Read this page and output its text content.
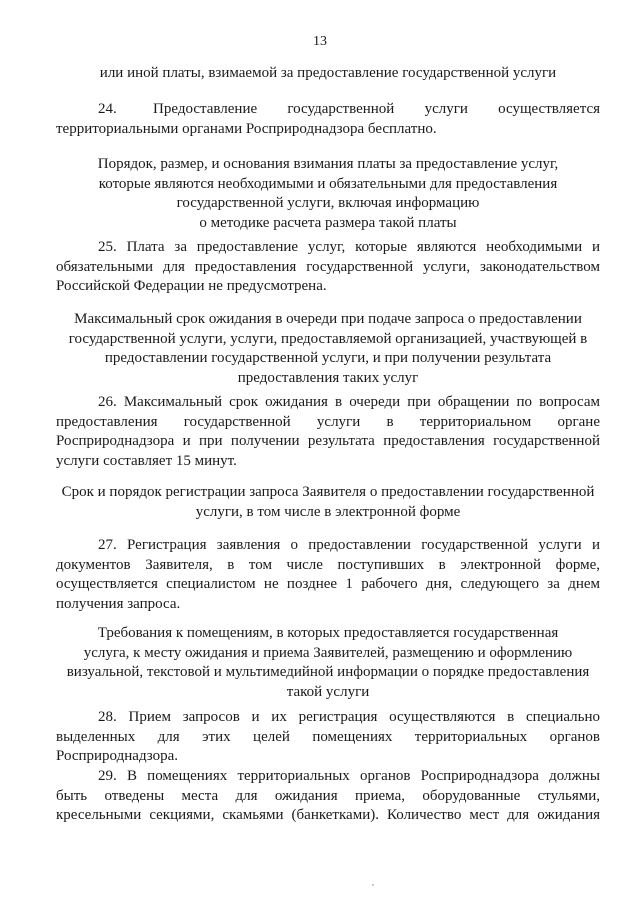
13
или иной платы, взимаемой за предоставление государственной услуги
24.      Предоставление     государственной     услуги     осуществляется
территориальными органами Росприроднадзора бесплатно.
Порядок, размер, и основания взимания платы за предоставление услуг,
которые являются необходимыми и обязательными для предоставления
государственной услуги, включая информацию
о методике расчета размера такой платы
25. Плата за предоставление услуг, которые являются необходимыми и
обязательными для предоставления государственной услуги, законодательством
Российской Федерации не предусмотрена.
Максимальный срок ожидания в очереди при подаче запроса о предоставлении
государственной услуги, услуги, предоставляемой организацией, участвующей в
предоставлении государственной услуги, и при получении результата
предоставления таких услуг
26. Максимальный срок ожидания в очереди при обращении по вопросам
предоставления государственной услуги в территориальном органе
Росприроднадзора и при получении результата предоставления государственной
услуги составляет 15 минут.
Срок и порядок регистрации запроса Заявителя о предоставлении государственной
услуги, в том числе в электронной форме
27. Регистрация заявления о предоставлении государственной услуги и
документов Заявителя, в том числе поступивших в электронной форме,
осуществляется специалистом не позднее 1 рабочего дня, следующего за днем
получения запроса.
Требования к помещениям, в которых предоставляется государственная
услуга, к месту ожидания и приема Заявителей, размещению и оформлению
визуальной, текстовой и мультимедийной информации о порядке предоставления
такой услуги
28. Прием запросов и их регистрация осуществляются в специально
выделенных для этих целей помещениях территориальных органов
Росприроднадзора.
29. В помещениях территориальных органов Росприроднадзора должны
быть отведены места для ожидания приема, оборудованные стульями,
кресельными секциями, скамьями (банкетками). Количество мест для ожидания
